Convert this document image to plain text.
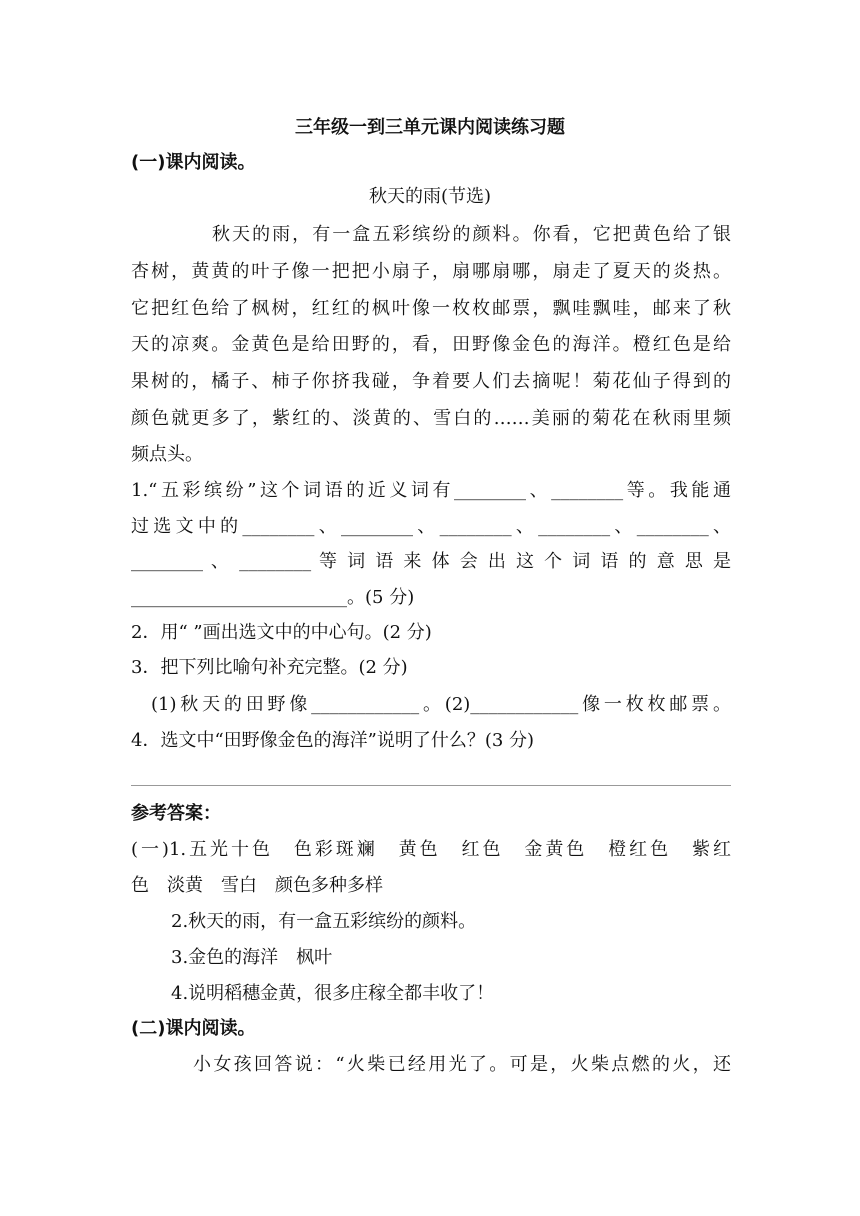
三年级一到三单元课内阅读练习题
(一)课内阅读。
秋天的雨(节选)
秋天的雨，有一盒五彩缤纷的颜料。你看，它把黄色给了银
杏树，黄黄的叶子像一把把小扇子，扇哪扇哪，扇走了夏天的炎热。
它把红色给了枫树，红红的枫叶像一枚枚邮票，飘哇飘哇，邮来了秋
天的凉爽。金黄色是给田野的，看，田野像金色的海洋。橙红色是给
果树的，橘子、柿子你挤我碰，争着要人们去摘呢！菊花仙子得到的
颜色就更多了，紫红的、淡黄的、雪白的……美丽的菊花在秋雨里频
频点头。
1.“五彩缤纷”这个词语的近义词有________、________等。我能通
过选文中的________、________、________、________、________、
________ 、 ________ 等 词 语 来 体 会 出 这 个 词 语 的 意 思 是
________________________。(5 分)
2．用“ ”画出选文中的中心句。(2 分)
3．把下列比喻句补充完整。(2 分)
(1)秋天的田野像____________。(2)____________像一枚枚邮票。
4．选文中“田野像金色的海洋”说明了什么？(3 分)
参考答案：
(一)1.五光十色　色彩斑斓　黄色　红色　金黄色　橙红色　紫红
色　淡黄　雪白　颜色多种多样
2.秋天的雨，有一盒五彩缤纷的颜料。
3.金色的海洋　枫叶
4.说明稻穗金黄，很多庄稼全都丰收了！
(二)课内阅读。
小女孩回答说：“火柴已经用光了。可是，火柴点燃的火，还
